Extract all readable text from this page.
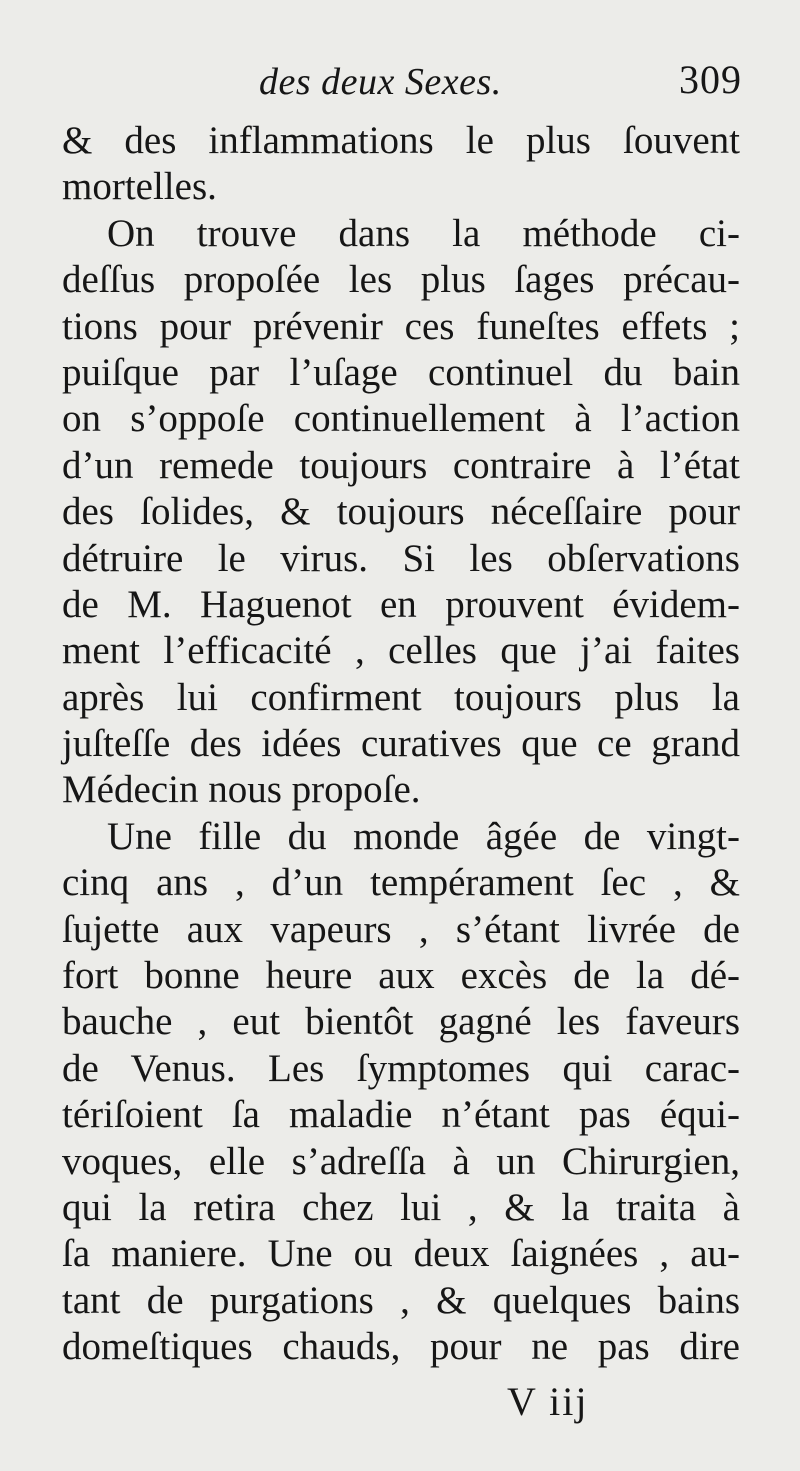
des deux Sexes.	309
& des inflammations le plus ſouvent
mortelles.
On trouve dans la méthode ci-
deſſus propoſée les plus ſages précau-
tions pour prévenir ces funeſtes effets ;
puiſque par l’uſage continuel du bain
on s’oppoſe continuellement à l’action
d’un remede toujours contraire à l’état
des ſolides, & toujours néceſſaire pour
détruire le virus. Si les obſervations
de M. Haguenot en prouvent évidem-
ment l’efficacité , celles que j’ai faites
après lui confirment toujours plus la
juſteſſe des idées curatives que ce grand
Médecin nous propoſe.
Une fille du monde âgée de vingt-
cinq ans , d’un tempérament ſec , &
ſujette aux vapeurs , s’étant livrée de
fort bonne heure aux excès de la dé-
bauche , eut bientôt gagné les faveurs
de Venus. Les ſymptomes qui carac-
tériſoient ſa maladie n’étant pas équi-
voques, elle s’adreſſa à un Chirurgien,
qui la retira chez lui , & la traita à
ſa maniere. Une ou deux ſaignées , au-
tant de purgations , & quelques bains
domeſtiques chauds, pour ne pas dire
V iij
